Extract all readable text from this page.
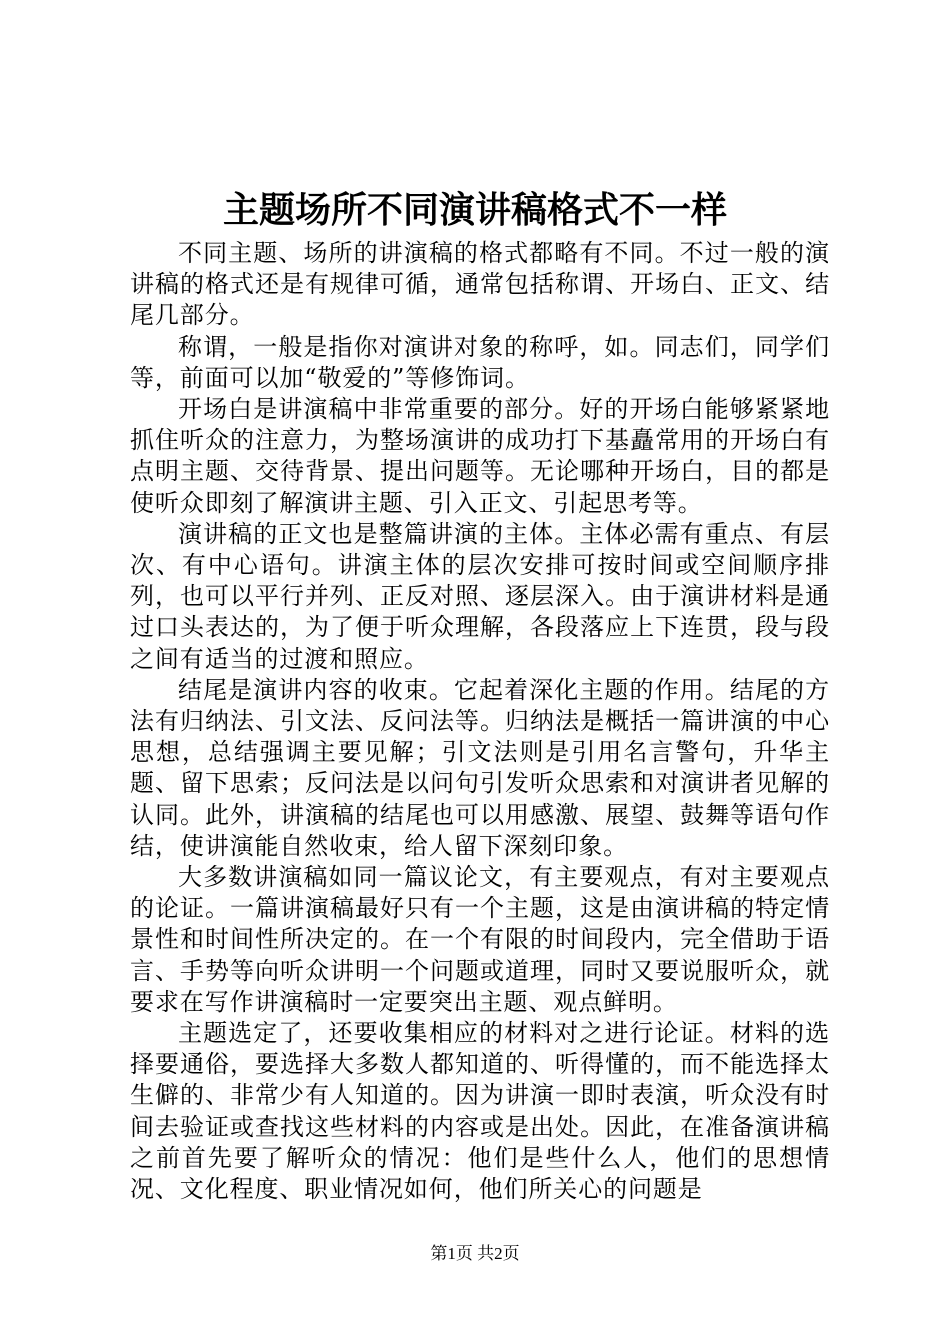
主题场所不同演讲稿格式不一样

不同主题、场所的讲演稿的格式都略有不同。不过一般的演讲稿的格式还是有规律可循，通常包括称谓、开场白、正文、结尾几部分。

称谓，一般是指你对演讲对象的称呼，如。同志们，同学们等，前面可以加“敬爱的”等修饰词。

开场白是讲演稿中非常重要的部分。好的开场白能够紧紧地抓住听众的注意力，为整场演讲的成功打下基矗常用的开场白有点明主题、交待背景、提出问题等。无论哪种开场白，目的都是使听众即刻了解演讲主题、引入正文、引起思考等。

演讲稿的正文也是整篇讲演的主体。主体必需有重点、有层次、有中心语句。讲演主体的层次安排可按时间或空间顺序排列，也可以平行并列、正反对照、逐层深入。由于演讲材料是通过口头表达的，为了便于听众理解，各段落应上下连贯，段与段之间有适当的过渡和照应。

结尾是演讲内容的收束。它起着深化主题的作用。结尾的方法有归纳法、引文法、反问法等。归纳法是概括一篇讲演的中心思想，总结强调主要见解；引文法则是引用名言警句，升华主题、留下思索；反问法是以问句引发听众思索和对演讲者见解的认同。此外，讲演稿的结尾也可以用感激、展望、鼓舞等语句作结，使讲演能自然收束，给人留下深刻印象。

大多数讲演稿如同一篇议论文，有主要观点，有对主要观点的论证。一篇讲演稿最好只有一个主题，这是由演讲稿的特定情景性和时间性所决定的。在一个有限的时间段内，完全借助于语言、手势等向听众讲明一个问题或道理，同时又要说服听众，就要求在写作讲演稿时一定要突出主题、观点鲜明。

主题选定了，还要收集相应的材料对之进行论证。材料的选择要通俗，要选择大多数人都知道的、听得懂的，而不能选择太生僻的、非常少有人知道的。因为讲演一即时表演，听众没有时间去验证或查找这些材料的内容或是出处。因此，在准备演讲稿之前首先要了解听众的情况：他们是些什么人，他们的思想情况、文化程度、职业情况如何，他们所关心的问题是

第1页 共2页
